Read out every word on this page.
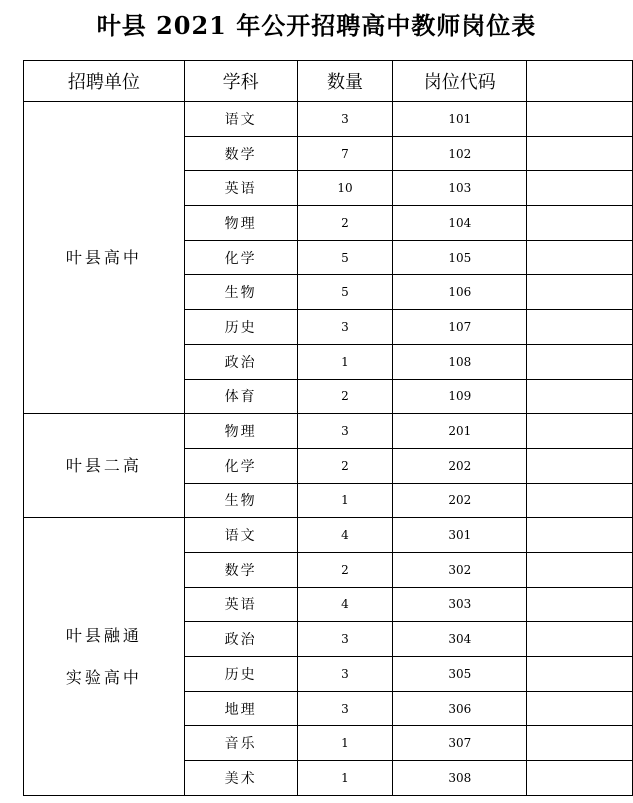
叶县 2021 年公开招聘高中教师岗位表
招聘单位	学科	数量	岗位代码	

叶县高中	语文	3	101	
	数学	7	102	
	英语	10	103	
	物理	2	104	
	化学	5	105	
	生物	5	106	
	历史	3	107	
	政治	1	108	
	体育	2	109	

叶县二高	物理	3	201	
	化学	2	202	
	生物	1	202	

叶县融通
实验高中	语文	4	301	
	数学	2	302	
	英语	4	303	
	政治	3	304	
	历史	3	305	
	地理	3	306	
	音乐	1	307	
	美术	1	308	
